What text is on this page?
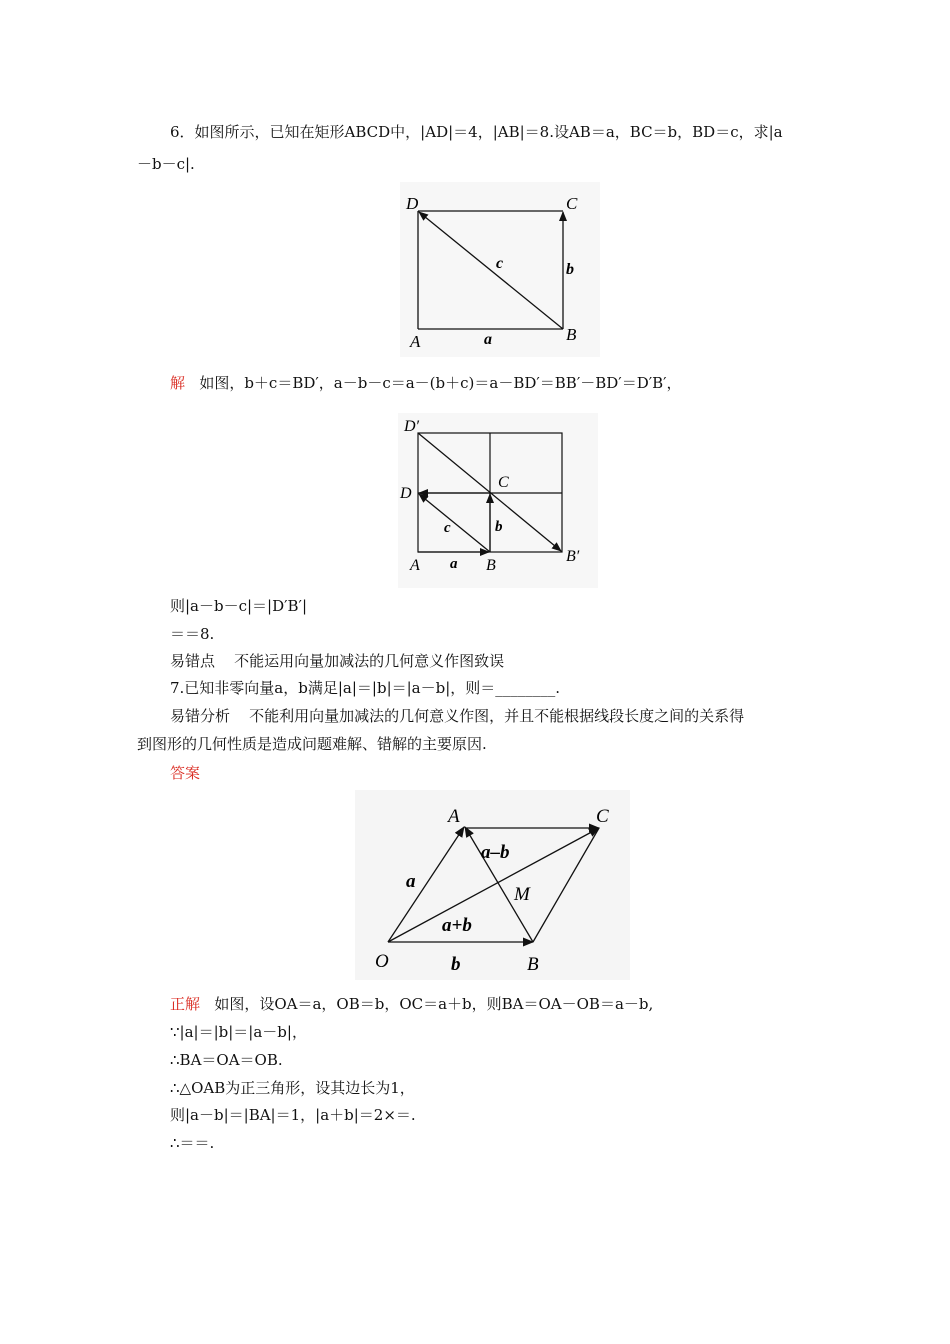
6．如图所示，已知在矩形ABCD中，|AD|＝4，|AB|＝8.设AB＝a，BC＝b，BD＝c，求|a
－b－c|.
D	C
A	B
a
b
c
解 如图，b＋c＝BD′，a－b－c＝a－(b＋c)＝a－BD′＝BB′－BD′＝D′B′，
D′
D
C
A	B
B′
a
b
c
则|a－b－c|＝|D′B′|
＝＝8.
易错点 不能运用向量加减法的几何意义作图致误
7.已知非零向量a，b满足|a|＝|b|＝|a－b|，则＝________.
易错分析 不能利用向量加减法的几何意义作图，并且不能根据线段长度之间的关系得
到图形的几何性质是造成问题难解、错解的主要原因.
答案
A	C
O	B
M
a
b
a–b
a+b
正解 如图，设OA＝a，OB＝b，OC＝a＋b，则BA＝OA－OB＝a－b,
∵|a|＝|b|＝|a－b|，
∴BA＝OA＝OB.
∴△OAB为正三角形，设其边长为1，
则|a－b|＝|BA|＝1，|a＋b|＝2×＝.
∴＝＝.
